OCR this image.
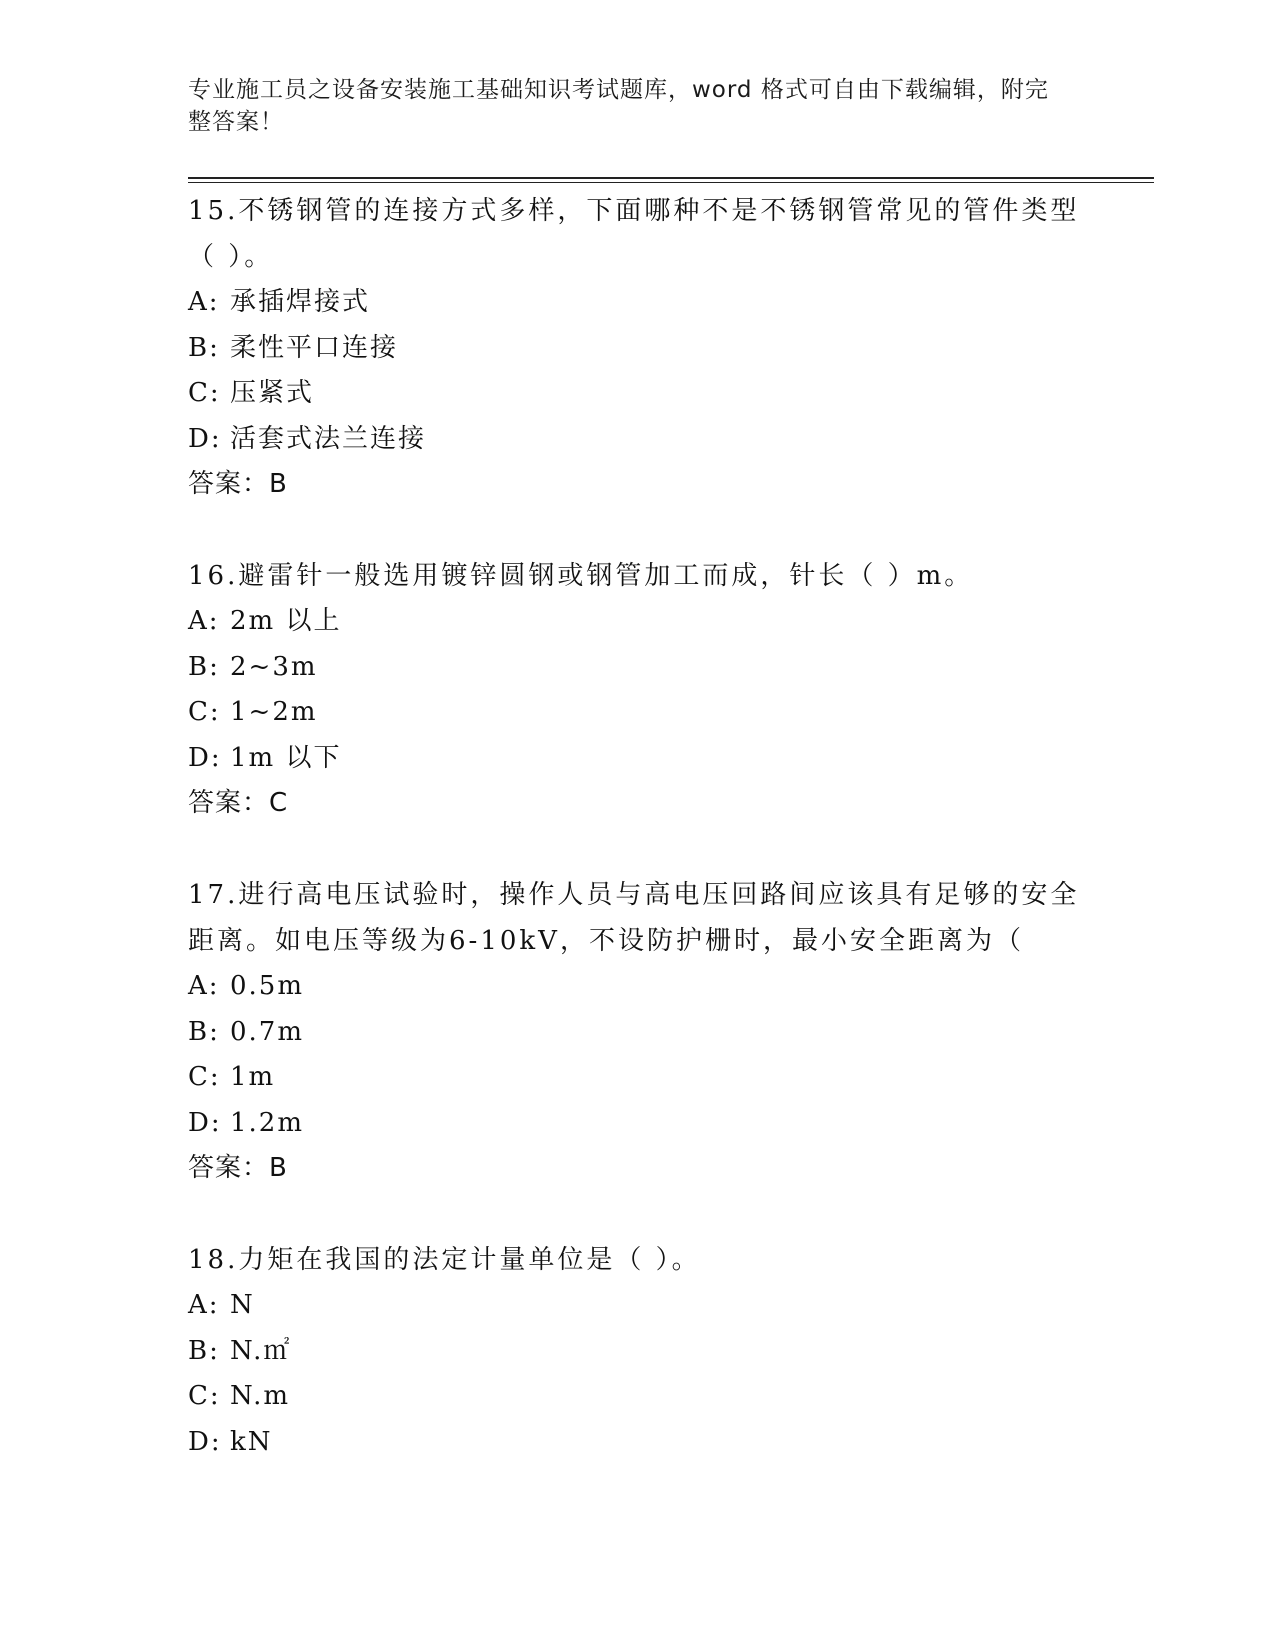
专业施工员之设备安装施工基础知识考试题库，word 格式可自由下载编辑，附完整答案！

15.不锈钢管的连接方式多样，下面哪种不是不锈钢管常见的管件类型（ ）。

A: 承插焊接式

B: 柔性平口连接

C: 压紧式

D: 活套式法兰连接

答案：B

16.避雷针一般选用镀锌圆钢或钢管加工而成，针长（ ）m。

A: 2m 以上

B: 2~3m

C: 1~2m

D: 1m 以下

答案：C

17.进行高电压试验时，操作人员与高电压回路间应该具有足够的安全距离。如电压等级为6-10kV，不设防护栅时，最小安全距离为（

A: 0.5m

B: 0.7m

C: 1m

D: 1.2m

答案：B

18.力矩在我国的法定计量单位是（ ）。

A: N

B: N.㎡

C: N.m

D: kN
